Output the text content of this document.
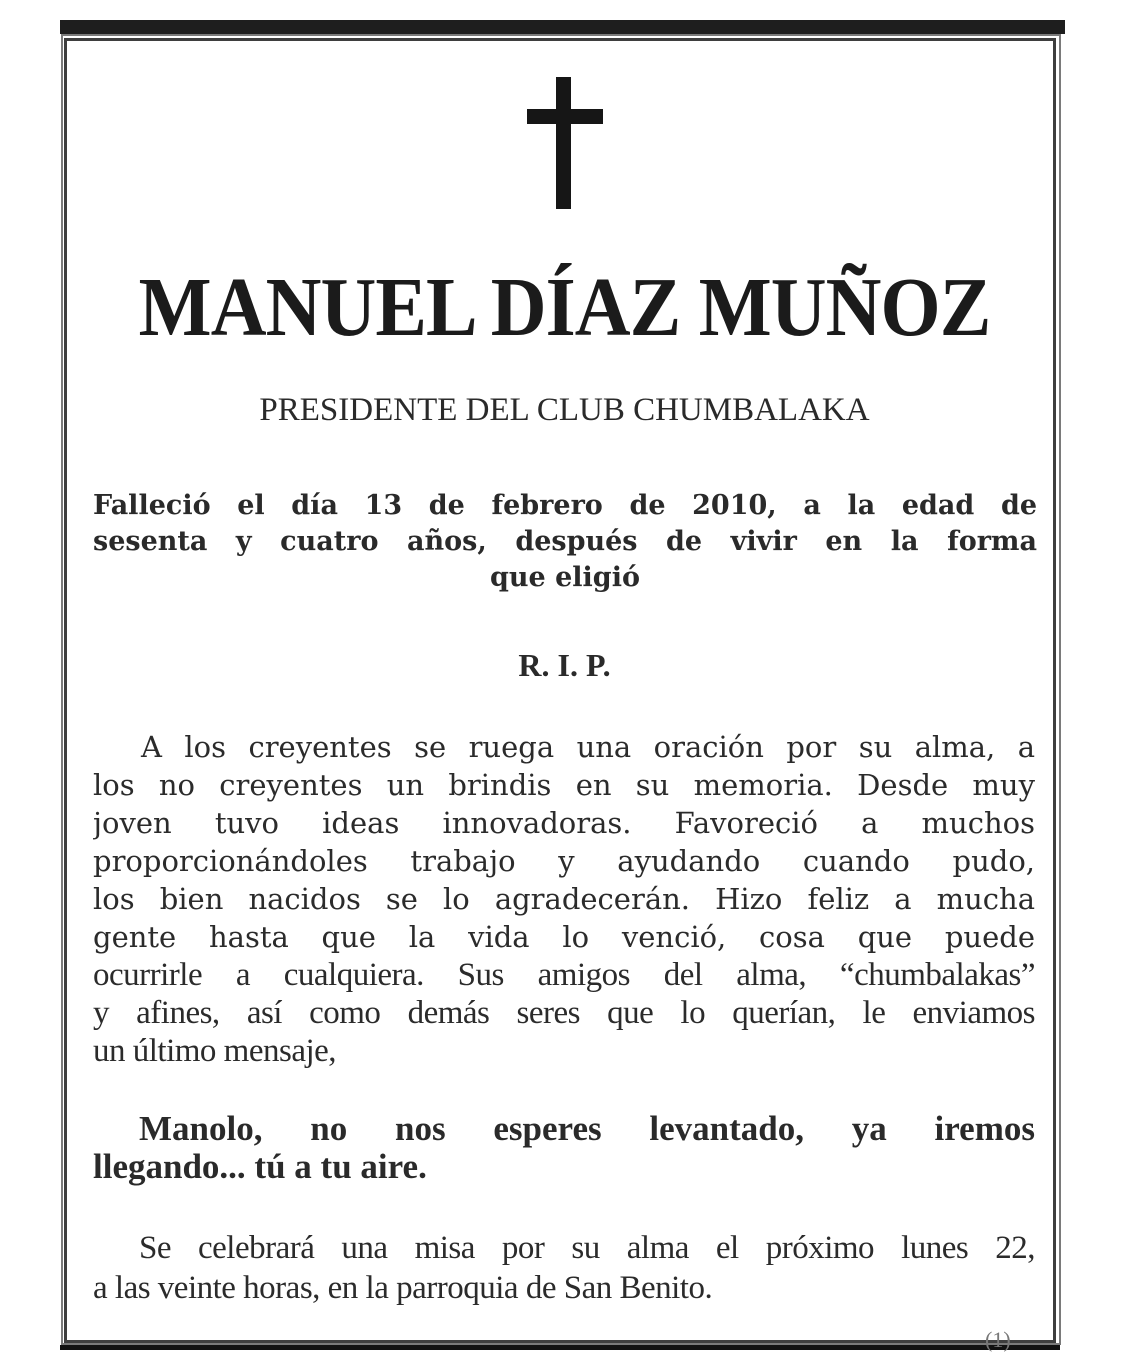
MANUEL DÍAZ MUÑOZ
PRESIDENTE DEL CLUB CHUMBALAKA
Falleció el día 13 de febrero de 2010, a la edad de
sesenta y cuatro años, después de vivir en la forma
que eligió
R. I. P.
A los creyentes se ruega una oración por su alma, a
los no creyentes un brindis en su memoria. Desde muy
joven tuvo ideas innovadoras. Favoreció a muchos
proporcionándoles trabajo y ayudando cuando pudo,
los bien nacidos se lo agradecerán. Hizo feliz a mucha
gente hasta que la vida lo venció, cosa que puede
ocurrirle a cualquiera. Sus amigos del alma, “chumbalakas”
y afines, así como demás seres que lo querían, le enviamos
un último mensaje,
Manolo, no nos esperes levantado, ya iremos
llegando... tú a tu aire.
Se celebrará una misa por su alma el próximo lunes 22,
a las veinte horas, en la parroquia de San Benito.
(1)
